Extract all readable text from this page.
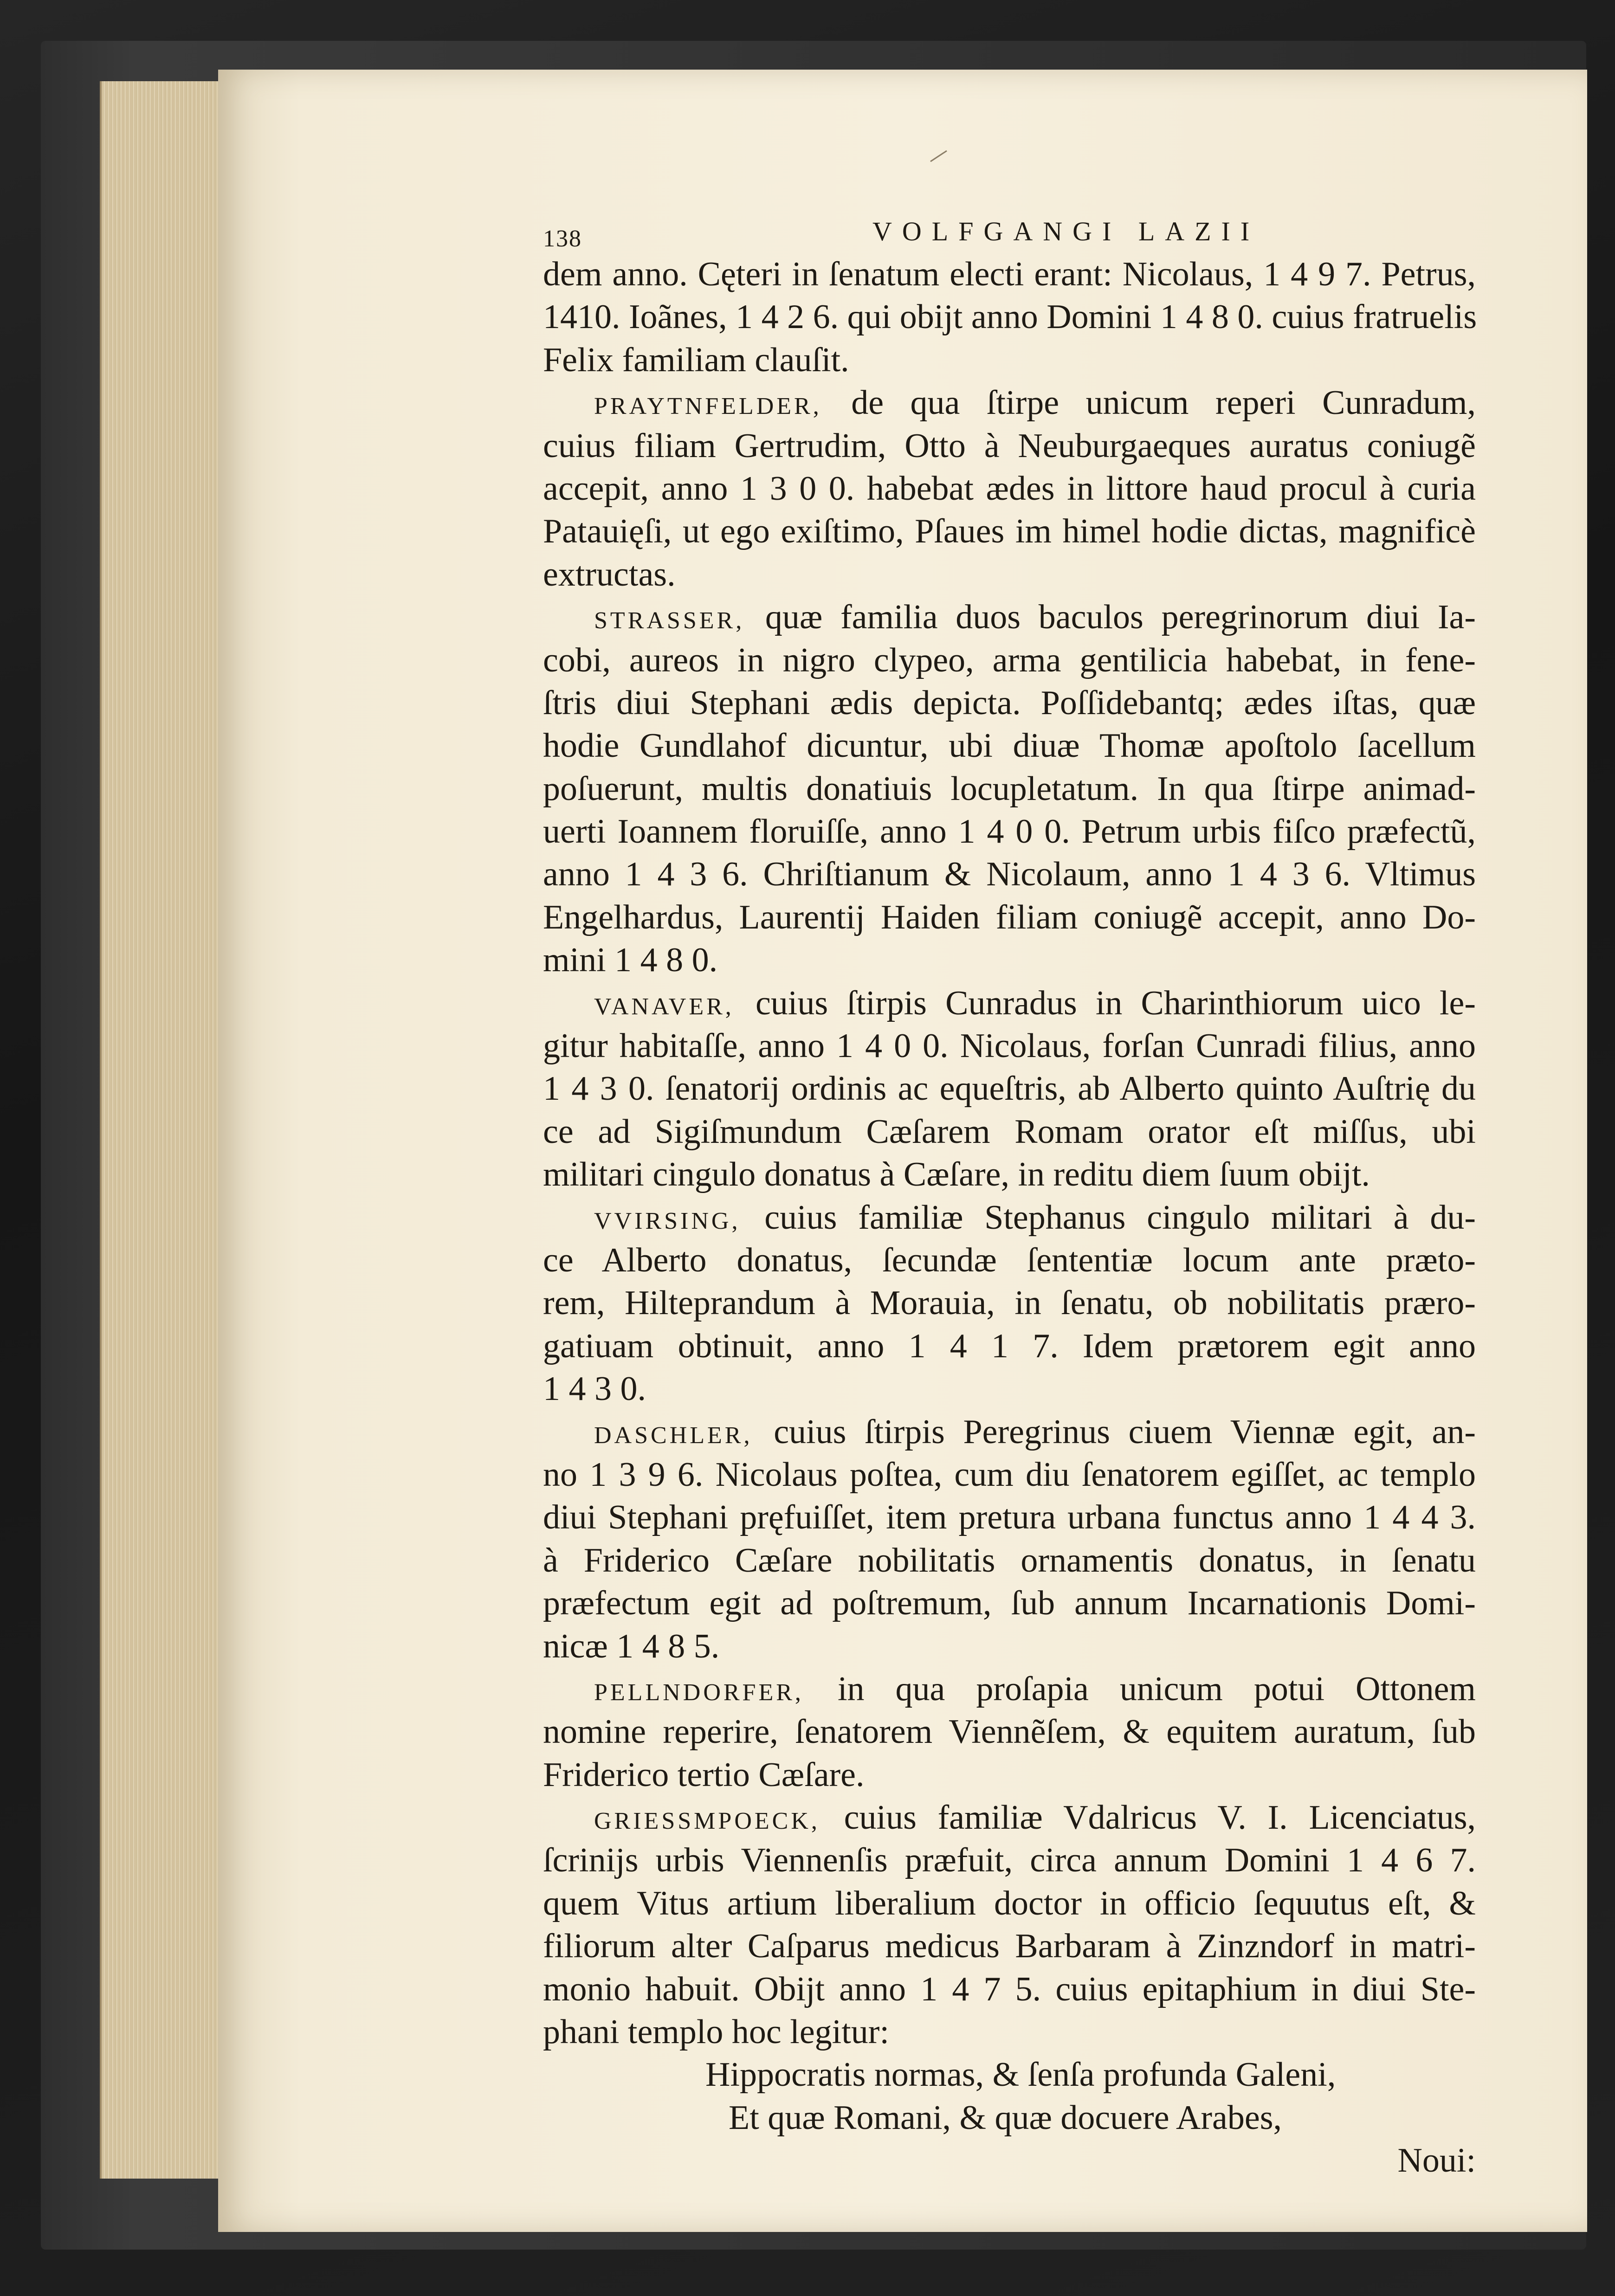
138	VOLFGANGI LAZII
dem anno. Cęteri in ſenatum electi erant: Nicolaus, 1 4 9 7. Petrus,
1410. Ioãnes, 1 4 2 6. qui obijt anno Domini 1 4 8 0. cuius fratruelis
Felix familiam clauſit.
PRAYTNFELDER, de qua ſtirpe unicum reperi Cunradum,
cuius filiam Gertrudim, Otto à Neuburgaeques auratus coniugẽ
accepit, anno 1 3 0 0. habebat ædes in littore haud procul à curia
Patauięſi, ut ego exiſtimo, Pſaues im himel hodie dictas, magnificè
extructas.
STRASSER, quæ familia duos baculos peregrinorum diui Ia-
cobi, aureos in nigro clypeo, arma gentilicia habebat, in fene-
ſtris diui Stephani ædis depicta. Poſſidebantq; ædes iſtas, quæ
hodie Gundlahof dicuntur, ubi diuæ Thomæ apoſtolo ſacellum
poſuerunt, multis donatiuis locupletatum. In qua ſtirpe animad-
uerti Ioannem floruiſſe, anno 1 4 0 0. Petrum urbis fiſco præfectũ,
anno 1 4 3 6. Chriſtianum & Nicolaum, anno 1 4 3 6. Vltimus
Engelhardus, Laurentij Haiden filiam coniugẽ accepit, anno Do-
mini 1 4 8 0.
VANAVER, cuius ſtirpis Cunradus in Charinthiorum uico le-
gitur habitaſſe, anno 1 4 0 0. Nicolaus, forſan Cunradi filius, anno
1 4 3 0. ſenatorij ordinis ac equeſtris, ab Alberto quinto Auſtrię du
ce ad Sigiſmundum Cæſarem Romam orator eſt miſſus, ubi
militari cingulo donatus à Cæſare, in reditu diem ſuum obijt.
VVIRSING, cuius familiæ Stephanus cingulo militari à du-
ce Alberto donatus, ſecundæ ſententiæ locum ante præto-
rem, Hilteprandum à Morauia, in ſenatu, ob nobilitatis præro-
gatiuam obtinuit, anno 1 4 1 7. Idem prætorem egit anno
1 4 3 0.
DASCHLER, cuius ſtirpis Peregrinus ciuem Viennæ egit, an-
no 1 3 9 6. Nicolaus poſtea, cum diu ſenatorem egiſſet, ac templo
diui Stephani pręfuiſſet, item pretura urbana functus anno 1 4 4 3.
à Friderico Cæſare nobilitatis ornamentis donatus, in ſenatu
præfectum egit ad poſtremum, ſub annum Incarnationis Domi-
nicæ 1 4 8 5.
PELLNDORFER, in qua proſapia unicum potui Ottonem
nomine reperire, ſenatorem Viennẽſem, & equitem auratum, ſub
Friderico tertio Cæſare.
GRIESSMPOECK, cuius familiæ Vdalricus V. I. Licenciatus,
ſcrinijs urbis Viennenſis præfuit, circa annum Domini 1 4 6 7.
quem Vitus artium liberalium doctor in officio ſequutus eſt, &
filiorum alter Caſparus medicus Barbaram à Zinzndorf in matri-
monio habuit. Obijt anno 1 4 7 5. cuius epitaphium in diui Ste-
phani templo hoc legitur:
Hippocratis normas, & ſenſa profunda Galeni,
Et quæ Romani, & quæ docuere Arabes,
Noui:
